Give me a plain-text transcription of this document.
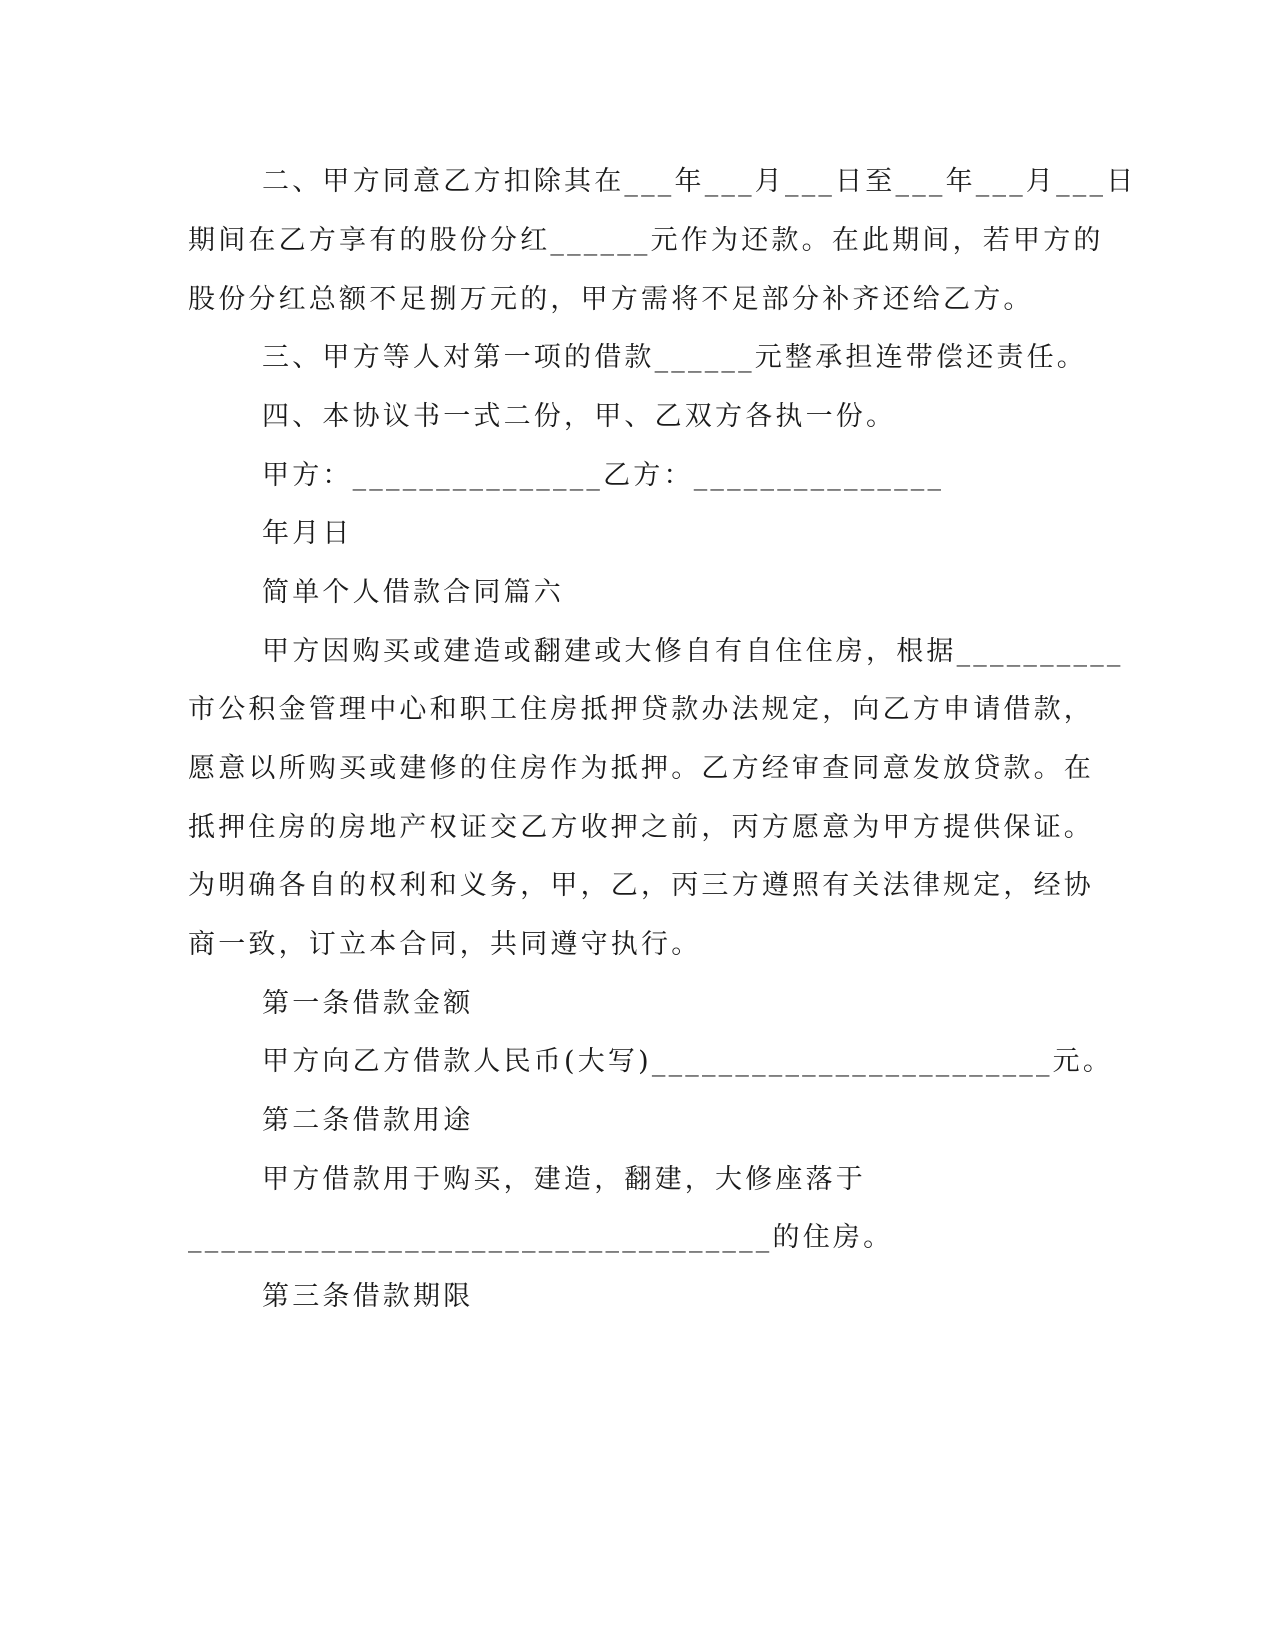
二、甲方同意乙方扣除其在___年___月___日至___年___月___日
期间在乙方享有的股份分红______元作为还款。在此期间，若甲方的
股份分红总额不足捌万元的，甲方需将不足部分补齐还给乙方。
三、甲方等人对第一项的借款______元整承担连带偿还责任。
四、本协议书一式二份，甲、乙双方各执一份。
甲方：_______________乙方：_______________
年月日
简单个人借款合同篇六
甲方因购买或建造或翻建或大修自有自住住房，根据__________
市公积金管理中心和职工住房抵押贷款办法规定，向乙方申请借款，
愿意以所购买或建修的住房作为抵押。乙方经审查同意发放贷款。在
抵押住房的房地产权证交乙方收押之前，丙方愿意为甲方提供保证。
为明确各自的权利和义务，甲，乙，丙三方遵照有关法律规定，经协
商一致，订立本合同，共同遵守执行。
第一条借款金额
甲方向乙方借款人民币(大写)________________________元。
第二条借款用途
甲方借款用于购买，建造，翻建，大修座落于
___________________________________的住房。
第三条借款期限
